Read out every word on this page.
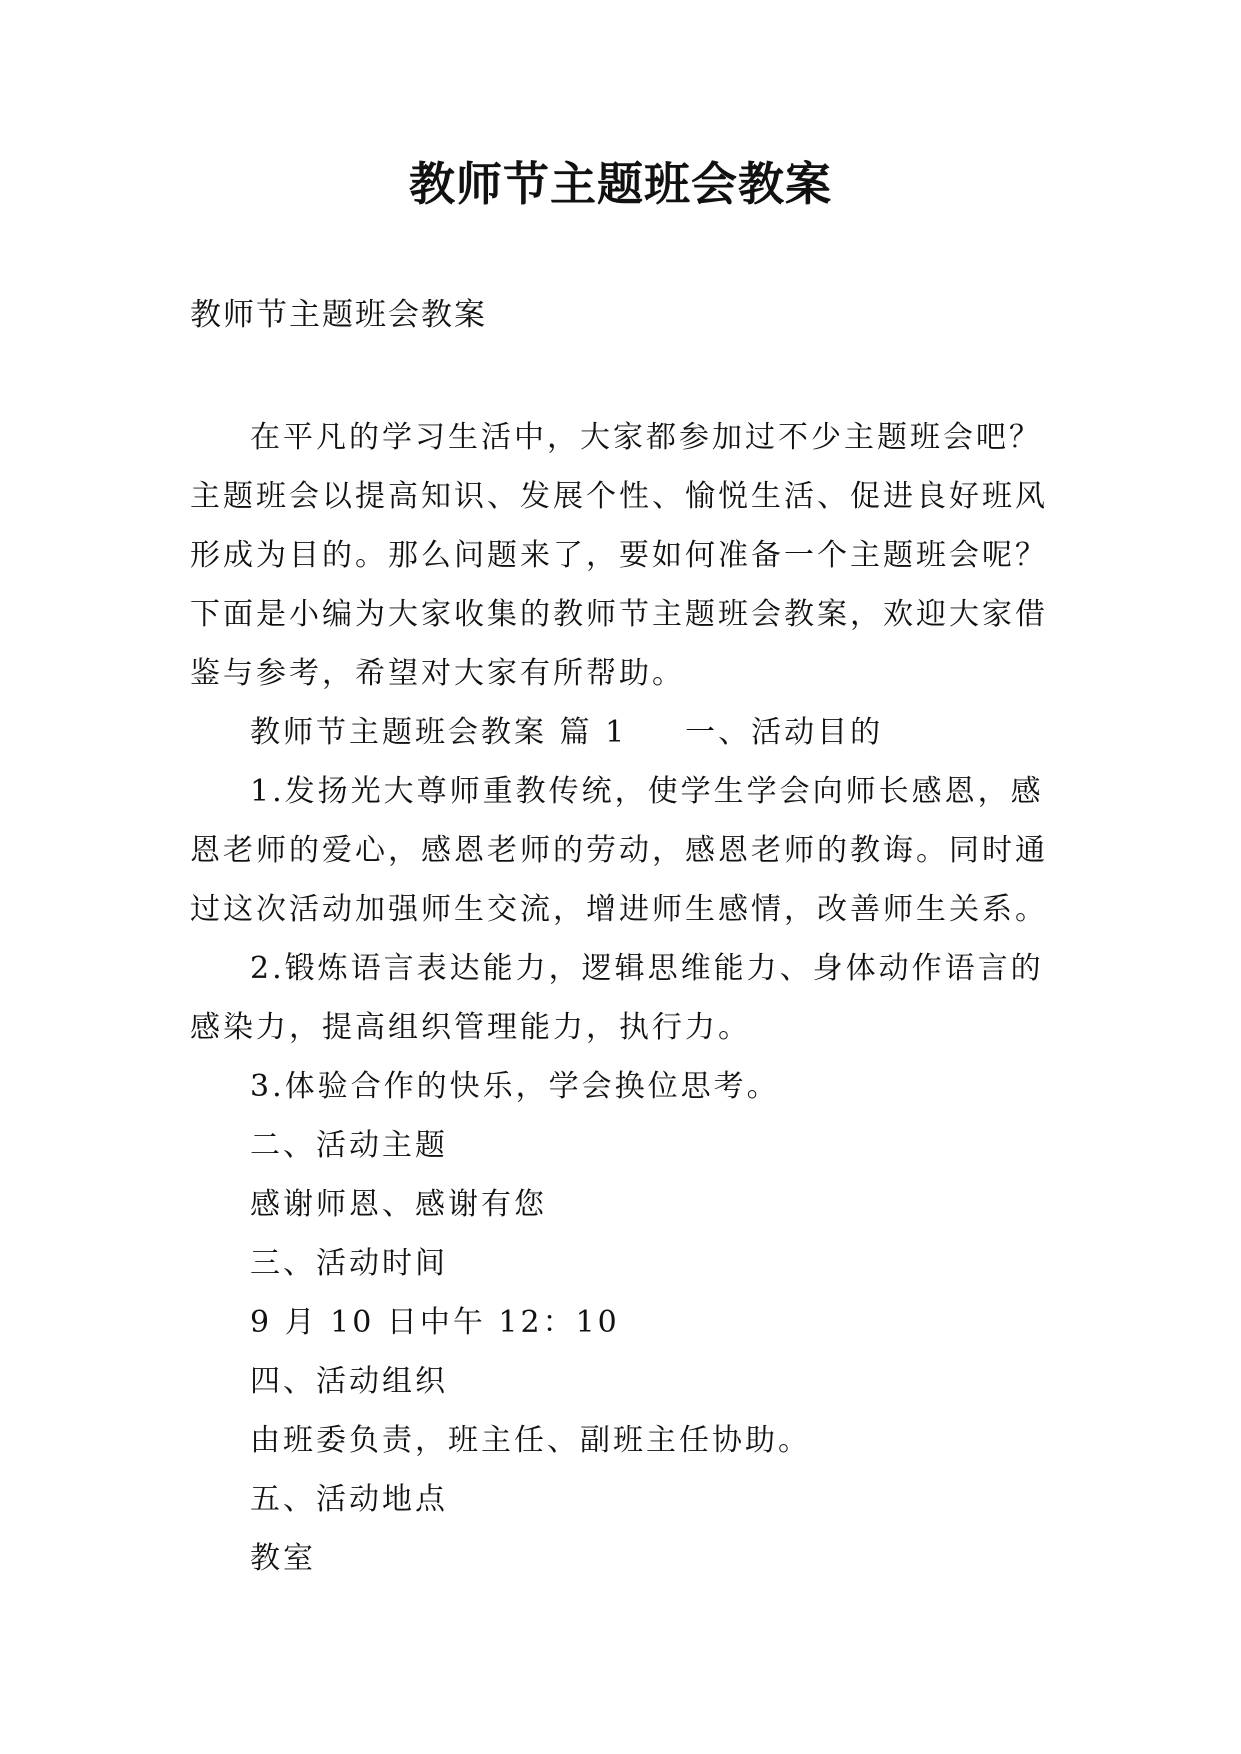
教师节主题班会教案

教师节主题班会教案

在平凡的学习生活中，大家都参加过不少主题班会吧？主题班会以提高知识、发展个性、愉悦生活、促进良好班风形成为目的。那么问题来了，要如何准备一个主题班会呢？下面是小编为大家收集的教师节主题班会教案，欢迎大家借鉴与参考，希望对大家有所帮助。

教师节主题班会教案 篇 1 一、活动目的

1.发扬光大尊师重教传统，使学生学会向师长感恩，感恩老师的爱心，感恩老师的劳动，感恩老师的教诲。同时通过这次活动加强师生交流，增进师生感情，改善师生关系。

2.锻炼语言表达能力，逻辑思维能力、身体动作语言的感染力，提高组织管理能力，执行力。

3.体验合作的快乐，学会换位思考。

二、活动主题

感谢师恩、感谢有您

三、活动时间

9 月 10 日中午 12：10

四、活动组织

由班委负责，班主任、副班主任协助。

五、活动地点

教室
